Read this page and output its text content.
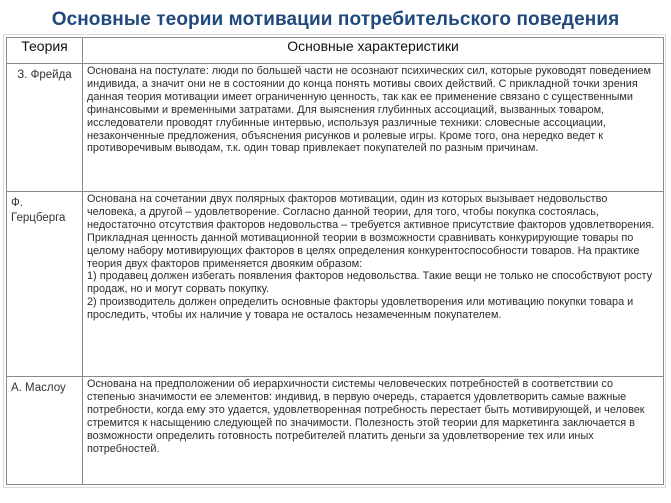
Основные теории мотивации потребительского поведения
Теория	Основные характеристики
З. Фрейда	Основана на постулате: люди по большей части не осознают психических сил, которые руководят поведением индивида, а значит они не в состоянии до конца понять мотивы своих действий. С прикладной точки зрения данная теория мотивации имеет ограниченную ценность, так как ее применение связано с существенными финансовыми и временными затратами. Для выяснения глубинных ассоциаций, вызванных товаром, исследователи проводят глубинные интервью, используя различные техники: словесные ассоциации, незаконченные предложения, объяснения рисунков и ролевые игры. Кроме того, она нередко ведет к противоречивым выводам, т.к. один товар привлекает покупателей по разным причинам.

Ф. Герцберга	Основана на сочетании двух полярных факторов мотивации, один из которых вызывает недовольство человека, а другой – удовлетворение. Согласно данной теории, для того, чтобы покупка состоялась, недостаточно отсутствия факторов недовольства – требуется активное присутствие факторов удовлетворения.
Прикладная ценность данной мотивационной теории в возможности сравнивать конкурирующие товары по целому набору мотивирующих факторов в целях определения конкурентоспособности товаров. На практике теория двух факторов применяется двояким образом:
1) продавец должен избегать появления факторов недовольства. Такие вещи не только не способствуют росту продаж, но и могут сорвать покупку.
2) производитель должен определить основные факторы удовлетворения или мотивацию покупки товара и проследить, чтобы их наличие у товара не осталось незамеченным покупателем.

А. Маслоу	Основана на предположении об иерархичности системы человеческих потребностей в соответствии со степенью значимости ее элементов: индивид, в первую очередь, старается удовлетворить самые важные потребности, когда ему это удается, удовлетворенная потребность перестает быть мотивирующей, и человек стремится к насыщению следующей по значимости. Полезность этой теории для маркетинга заключается в возможности определить готовность потребителей платить деньги за удовлетворение тех или иных потребностей.
